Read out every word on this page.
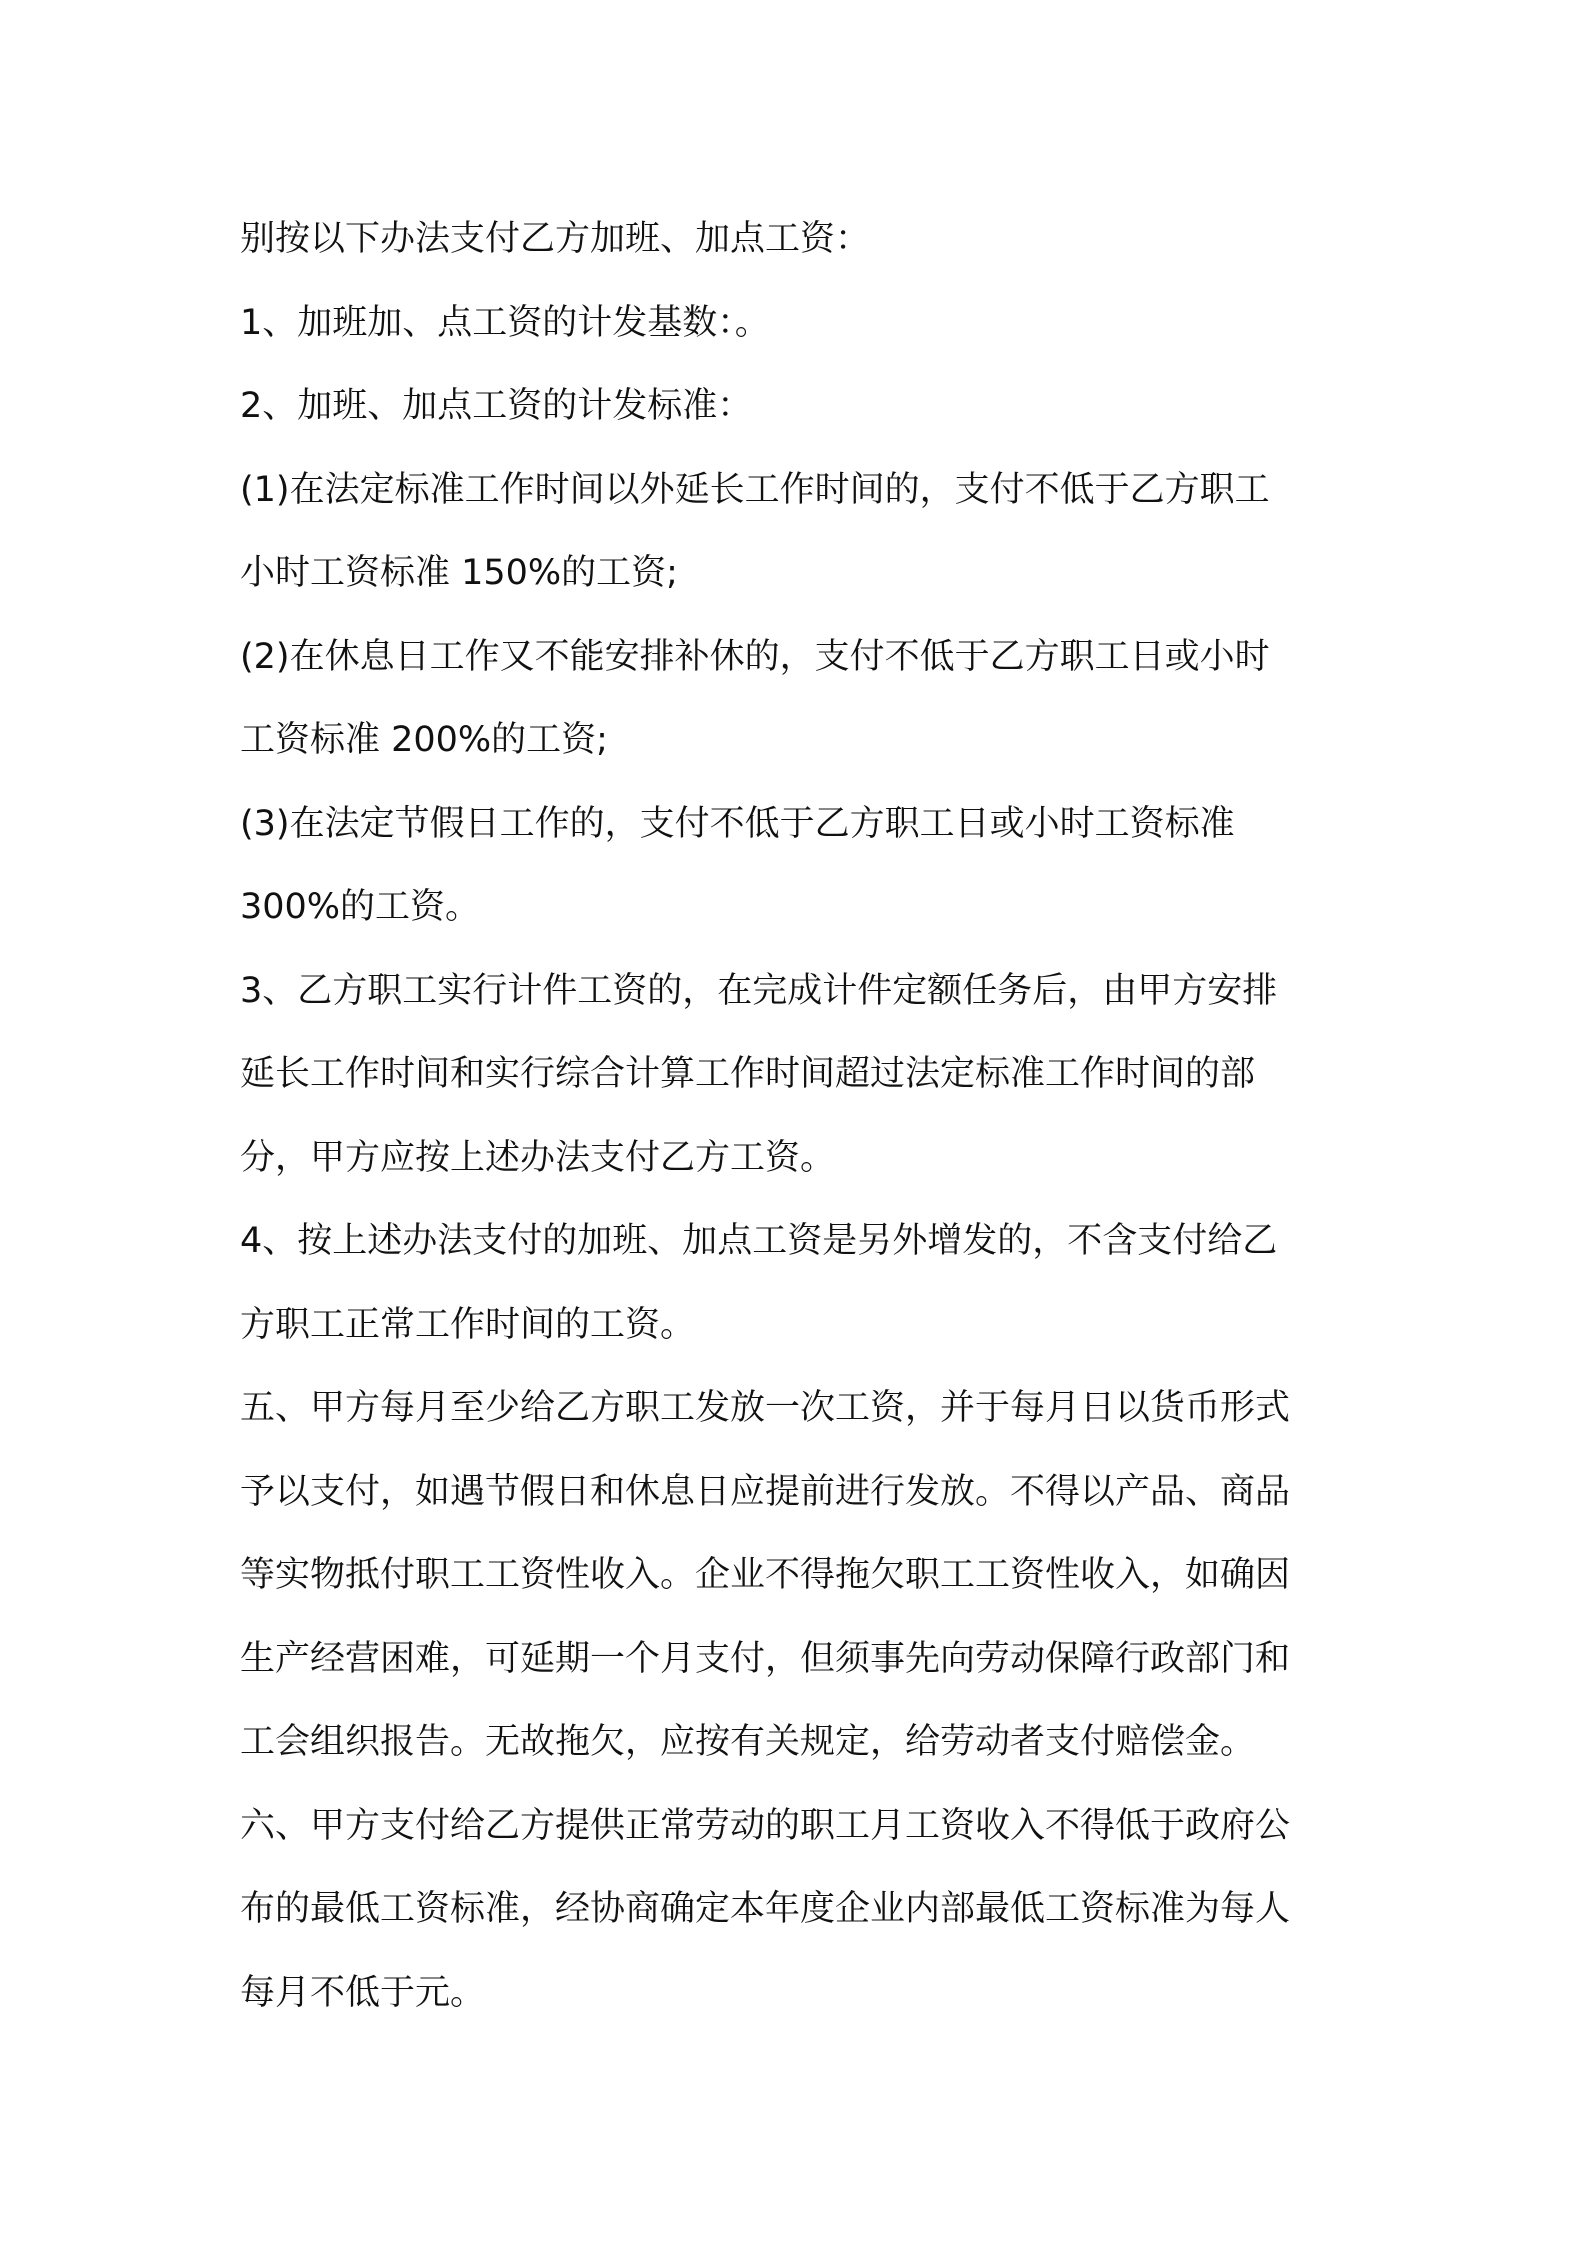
别按以下办法支付乙方加班、加点工资：
1、加班加、点工资的计发基数：。
2、加班、加点工资的计发标准：
(1)在法定标准工作时间以外延长工作时间的，支付不低于乙方职工
小时工资标准 150%的工资;
(2)在休息日工作又不能安排补休的，支付不低于乙方职工日或小时
工资标准 200%的工资;
(3)在法定节假日工作的，支付不低于乙方职工日或小时工资标准
300%的工资。
3、乙方职工实行计件工资的，在完成计件定额任务后，由甲方安排
延长工作时间和实行综合计算工作时间超过法定标准工作时间的部
分，甲方应按上述办法支付乙方工资。
4、按上述办法支付的加班、加点工资是另外增发的，不含支付给乙
方职工正常工作时间的工资。
五、甲方每月至少给乙方职工发放一次工资，并于每月日以货币形式
予以支付，如遇节假日和休息日应提前进行发放。不得以产品、商品
等实物抵付职工工资性收入。企业不得拖欠职工工资性收入，如确因
生产经营困难，可延期一个月支付，但须事先向劳动保障行政部门和
工会组织报告。无故拖欠，应按有关规定，给劳动者支付赔偿金。
六、甲方支付给乙方提供正常劳动的职工月工资收入不得低于政府公
布的最低工资标准，经协商确定本年度企业内部最低工资标准为每人
每月不低于元。
